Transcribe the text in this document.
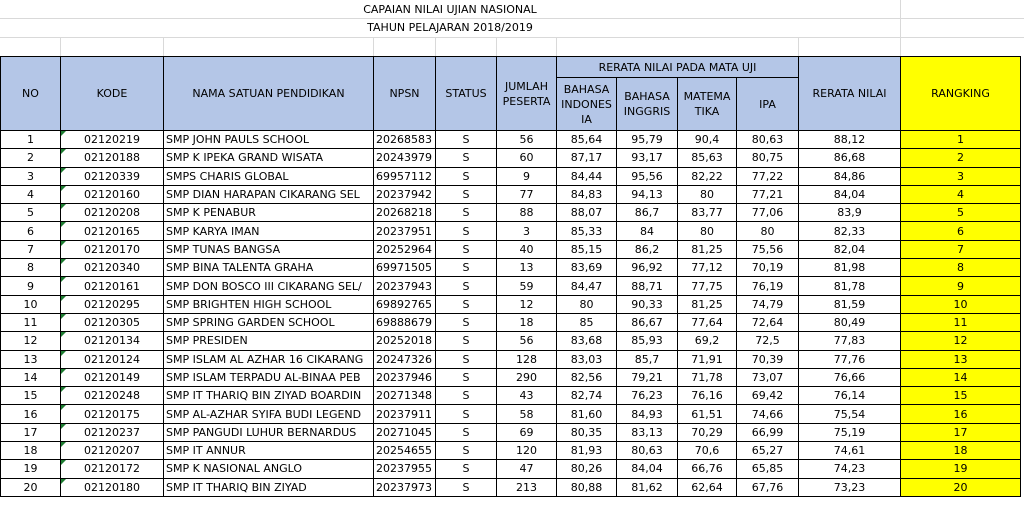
CAPAIAN NILAI UJIAN NASIONAL
TAHUN PELAJARAN 2018/2019
NO	KODE	NAMA SATUAN PENDIDIKAN	NPSN	STATUS	JUMLAH PESERTA	RERATA NILAI PADA MATA UJI				RERATA NILAI	RANGKING
						BAHASA INDONES IA	BAHASA INGGRIS	MATEMA TIKA	IPA		
1	02120219	SMP JOHN PAULS SCHOOL	20268583	S	56	85,64	95,79	90,4	80,63	88,12	1
2	02120188	SMP K IPEKA GRAND WISATA	20243979	S	60	87,17	93,17	85,63	80,75	86,68	2
3	02120339	SMPS CHARIS GLOBAL	69957112	S	9	84,44	95,56	82,22	77,22	84,86	3
4	02120160	SMP DIAN HARAPAN CIKARANG SEL	20237942	S	77	84,83	94,13	80	77,21	84,04	4
5	02120208	SMP K PENABUR	20268218	S	88	88,07	86,7	83,77	77,06	83,9	5
6	02120165	SMP KARYA IMAN	20237951	S	3	85,33	84	80	80	82,33	6
7	02120170	SMP TUNAS BANGSA	20252964	S	40	85,15	86,2	81,25	75,56	82,04	7
8	02120340	SMP BINA TALENTA GRAHA	69971505	S	13	83,69	96,92	77,12	70,19	81,98	8
9	02120161	SMP DON BOSCO III CIKARANG SEL/	20237943	S	59	84,47	88,71	77,75	76,19	81,78	9
10	02120295	SMP BRIGHTEN HIGH SCHOOL	69892765	S	12	80	90,33	81,25	74,79	81,59	10
11	02120305	SMP SPRING GARDEN SCHOOL	69888679	S	18	85	86,67	77,64	72,64	80,49	11
12	02120134	SMP PRESIDEN	20252018	S	56	83,68	85,93	69,2	72,5	77,83	12
13	02120124	SMP ISLAM AL AZHAR 16 CIKARANG	20247326	S	128	83,03	85,7	71,91	70,39	77,76	13
14	02120149	SMP ISLAM TERPADU AL-BINAA PEB	20237946	S	290	82,56	79,21	71,78	73,07	76,66	14
15	02120248	SMP IT THARIQ BIN ZIYAD BOARDIN	20271348	S	43	82,74	76,23	76,16	69,42	76,14	15
16	02120175	SMP AL-AZHAR SYIFA BUDI LEGEND	20237911	S	58	81,60	84,93	61,51	74,66	75,54	16
17	02120237	SMP PANGUDI LUHUR BERNARDUS	20271045	S	69	80,35	83,13	70,29	66,99	75,19	17
18	02120207	SMP IT ANNUR	20254655	S	120	81,93	80,63	70,6	65,27	74,61	18
19	02120172	SMP K NASIONAL ANGLO	20237955	S	47	80,26	84,04	66,76	65,85	74,23	19
20	02120180	SMP IT THARIQ BIN ZIYAD	20237973	S	213	80,88	81,62	62,64	67,76	73,23	20
